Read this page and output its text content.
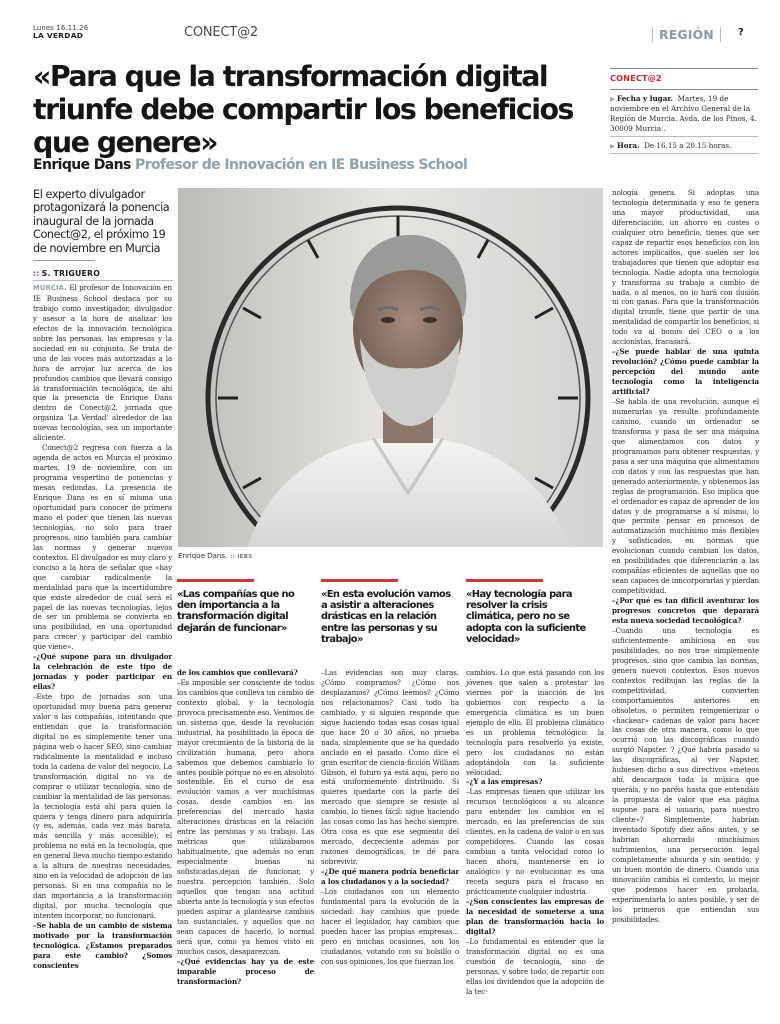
Lunes 16.11.26
LA VERDAD	CONECT@2	REGIÓN	?
«Para que la transformación digital triunfe debe compartir los beneficios que genere»
Enrique Dans Profesor de Innovación en IE Business School
CONECT@2
▶ Fecha y lugar. Martes, 19 de noviembre en el Archivo General de la Región de Murcia. Avda. de los Pinos, 4. 30009 Murcia .
▶ Hora. De 16.15 a 20.15 horas.
El experto divulgador protagonizará la ponencia inaugural de la jornada Conect@2, el próximo 19 de noviembre en Murcia
:: S. TRIGUERO

MURCIA. El profesor de Innovación en IE Business School destaca por su trabajo como investigador, divulgador y asesor a la hora de analizar los efectos de la innovación tecnológica sobre las personas, las empresas y la sociedad en su conjunto. Se trata de una de las voces más autorizadas a la hora de arrojar luz acerca de los profundos cambios que llevará consigo la transformación tecnológica, de ahí que la presencia de Enrique Dans dentro de Conect@2, jornada que organiza 'La Verdad' alrededor de las nuevas tecnologías, sea un importante aliciente.

Conect@2 regresa con fuerza a la agenda de actos en Murcia el próximo martes, 19 de noviembre, con un programa vespertino de ponencias y mesas redondas. La presencia de Enrique Dans es en sí misma una oportunidad para conocer de primera mano el poder que tienen las nuevas tecnologías, no solo para traer progresos, sino también para cambiar las normas y generar nuevos contextos. El divulgador es muy claro y conciso a la hora de señalar que «hay que cambiar radicalmente la mentalidad para que la incertidumbre que existe alrededor de cuál será el papel de las nuevas tecnologías, lejos de ser un problema se convierta en una posibilidad, en una oportunidad para crecer y participar del cambio que viene».

–¿Qué supone para un divulgador la celebración de este tipo de jornadas y poder participar en ellas?

–Este tipo de jornadas son una oportunidad muy buena para generar valor a las compañías, intentando que entiendan que la transformación digital no es simplemente tener una página web o hacer SEO, sino cambiar radicalmente la mentalidad e incluso toda la cadena de valor del negocio. La transformación digital no va de comprar o utilizar tecnología, sino de cambiar la mentalidad de las personas: la tecnología está ahí para quien la quiera y tenga dinero para adquirirla (y es, además, cada vez más barata, más sencilla y más accesible), el problema no está en la tecnología, que en general lleva mucho tiempo estando a la altura de nuestras necesidades, sino en la velocidad de adopción de las personas. Si en una compañía no le dan importancia a la transformación digital, por mucha tecnología que intenten incorporar, no funcionará.

–Se habla de un cambio de sistema motivado por la transformación tecnológica. ¿Estamos preparados para este cambio? ¿Somos conscientes

Enrique Dans. :: IEBS
«Las compañías que no den importancia a la transformación digital dejarán de funcionar»
«En esta evolución vamos a asistir a alteraciones drásticas en la relación entre las personas y su trabajo»
«Hay tecnología para resolver la crisis climática, pero no se adopta con la suficiente velocidad»

de los cambios que conllevará?

–Es imposible ser consciente de todos los cambios que conlleva un cambio de contexto global, y la tecnología provoca precisamente eso. Venimos de un sistema que, desde la revolución industrial, ha posibilitado la época de mayor crecimiento de la historia de la civilización humana, pero ahora sabemos que debemos cambiarlo lo antes posible porque no es en absoluto sostenible. En el curso de esa evolución vamos a ver muchísimas cosas, desde cambios en las preferencias del mercado hasta alteraciones drásticas en la relación entre las personas y su trabajo. Las métricas que utilizábamos habitualmente, que además no eran especialmente buenas ni sofisticadas,dejan de funcionar, y nuestra percepción también. Solo aquellos que tengan una actitud abierta ante la tecnología y sus efectos pueden aspirar a plantearse cambios tan sustanciales, y aquellos que no sean capaces de hacerlo, lo normal será que, como ya hemos visto en muchos casos, desaparezcan.

–¿Qué evidencias hay ya de este imparable proceso de transformación?

–Las evidencias son muy claras. ¿Cómo compramos? ¿Cómo nos desplazamos? ¿Cómo leemos? ¿Cómo nos relacionamos? Casi todo ha cambiado, y si alguien responde que sigue haciendo todas esas cosas igual que hace 20 o 30 años, no prueba nada, simplemente que se ha quedado anclado en el pasado. Como dice el gran escritor de ciencia-ficción William Gibson, el futuro ya está aquí, pero no está uniformemente distribuido. Si quieres quedarte con la parte del mercado que siempre se resiste al cambio, lo tienes fácil: sigue haciendo las cosas como las has hecho siempre. Otra cosa es que ese segmento del mercado, decreciente además por razones demográficas, te dé para sobrevivir.

–¿De qué manera podría beneficiar a los ciudadanos y a la sociedad?

–Los ciudadanos son un elemento fundamental para la evolución de la sociedad: hay cambios que puede hacer el legislador, hay cambios que pueden hacer las propias empresas... pero en muchas ocasiones, son los ciudadanos, votando con su bolsillo o con sus opiniones, los que fuerzan los

cambios. Lo que está pasando con los jóvenes que salen a protestar los viernes por la inacción de los gobiernos con respecto a la emergencia climática es un buen ejemplo de ello. El problema climático es un problema tecnológico: la tecnología para resolverlo ya existe, pero los ciudadanos no están adoptándola con la suficiente velocidad.

–¿Y a las empresas?

–Las empresas tienen que utilizar los recursos tecnológicos a su alcance para entender los cambios en el mercado, en las preferencias de sus clientes, en la cadena de valor o en sus competidores. Cuando las cosas cambian a tanta velocidad como lo hacen ahora, mantenerse en lo analógico y no evolucionar es una receta segura para el fracaso en prácticamente cualquier industria.

–¿Son conscientes las empresas de la necesidad de someterse a una plan de transformación hacia lo digital?

–Lo fundamental es entender que la transformación digital no es una cuestión de tecnología, sino de personas, y sobre todo, de repartir con ellas los dividendos que la adopción de la tec-

nología genera. Si adoptas una tecnología determinada y eso te genera una mayor productividad, una diferenciación, un ahorro en costes o cualquier otro beneficio, tienes que ser capaz de repartir esos beneficios con los actores implicados, que suelen ser los trabajadores que tienen que adoptar esa tecnología. Nadie adopta una tecnología y transforma su trabajo a cambio de nada, o al menos, no lo hará con ilusión ni con ganas. Para que la transformación digital triunfe, tiene que partir de una mentalidad de compartir los beneficios, si todo va al bonus del CEO o a los accionistas, fracasará.

–¿Se puede hablar de una quinta revolución? ¿Cómo puede cambiar la percepción del mundo ante tecnología como la inteligencia artificial?

–Se habla de una revolución, aunque el numerarlas ya resulte profundamente cansino, cuando un ordenador se transforma y pasa de ser una máquina que alimentamos con datos y programamos para obtener respuestas, y pasa a ser una máquina que alimentamos con datos y con las respuestas que han generado anteriormente, y obtenemos las reglas de programación. Eso implica que el ordenador es capaz de aprender de los datos y de programarse a sí mismo, lo que permite pensar en procesos de automatización muchísimo más flexibles y sofisticados, en normas que evolucionan cuando cambian los datos, en posibilidades que diferenciarán a las compañías eficientes de aquellas que no sean capaces de inncorporarlas y pierdan competitividad.

–¿Por qué es tan difícil aventurar los progresos concretos que deparará esta nueva sociedad tecnológica?

–Cuando una tecnología es suficientemente ambiciosa en sus posibilidades, no nos trae simplemente progresos, sino que cambia las normas, genera nuevos contextos. Esos nuevos contextos redibujan las reglas de la competitividad, convierten comportamientos anteriores en obsoletos, o permiten reingenierizar o «hackear» cadenas de valor para hacer las cosas de otra manera, como lo que ocurrió con las discográficas cuando surgió Napster. ? ¿Qué habría pasado si las discográficas, al ver Napster, hubiesen dicho a sus directivos «meteos ahí, descargaos toda la música que queráis, y no paréis hasta que entendáis la propuesta de valor que esa página supone para el usuario, para nuestro cliente»? Simplemente, habrían inventado Spotify diez años antes, y se habrían ahorrado muchísimos sufrimientos, una persecución legal completamente absurda y sin sentido, y un buen montón de dinero. Cuando una innovación cambia el contexto, lo mejor que podemos hacer en probarla, experimentarla lo antes posible, y ser de los primeros que entiendan sus posibilidades.
